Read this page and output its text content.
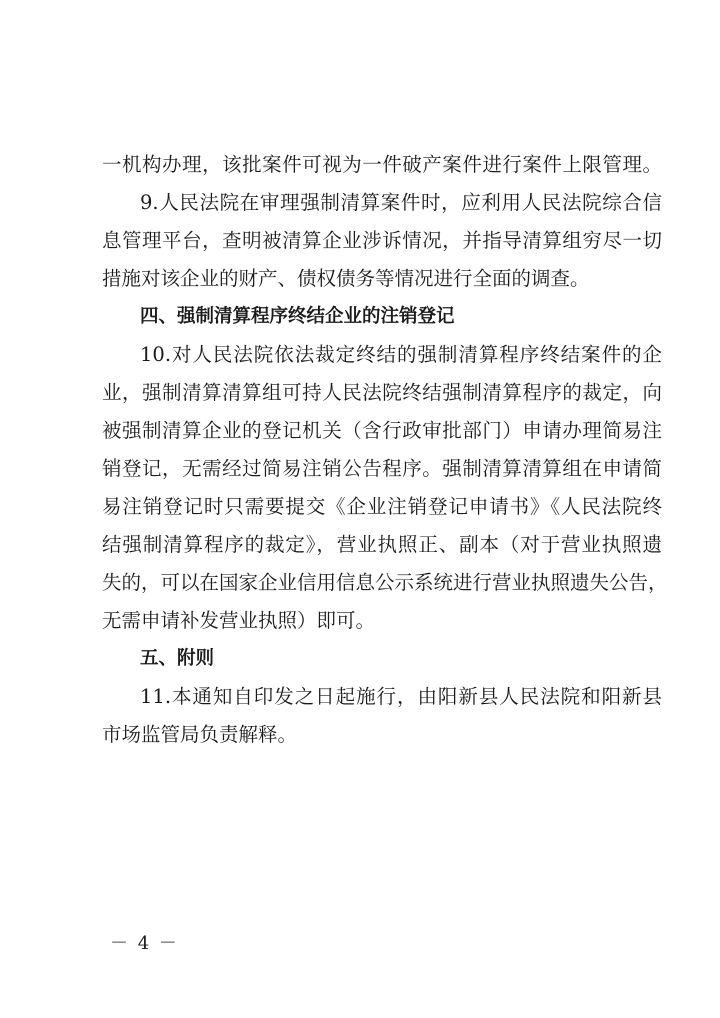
一机构办理，该批案件可视为一件破产案件进行案件上限管理。
9.人民法院在审理强制清算案件时，应利用人民法院综合信
息管理平台，查明被清算企业涉诉情况，并指导清算组穷尽一切
措施对该企业的财产、债权债务等情况进行全面的调查。
四、强制清算程序终结企业的注销登记
10.对人民法院依法裁定终结的强制清算程序终结案件的企
业，强制清算清算组可持人民法院终结强制清算程序的裁定，向
被强制清算企业的登记机关（含行政审批部门）申请办理简易注
销登记，无需经过简易注销公告程序。强制清算清算组在申请简
易注销登记时只需要提交《企业注销登记申请书》《人民法院终
结强制清算程序的裁定》，营业执照正、副本（对于营业执照遗
失的，可以在国家企业信用信息公示系统进行营业执照遗失公告，
无需申请补发营业执照）即可。
五、附则
11.本通知自印发之日起施行，由阳新县人民法院和阳新县
市场监管局负责解释。
－ 4 －
